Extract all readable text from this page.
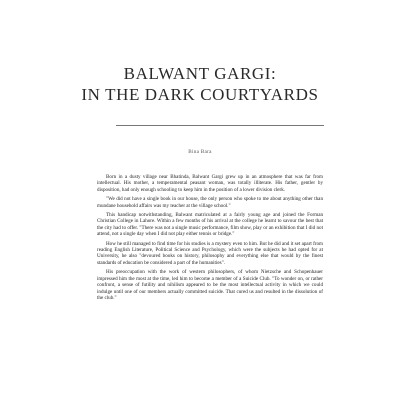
BALWANT GARGI:
IN THE DARK COURTYARDS
Bina Bara

Born in a dusty village near Bhatinda, Balwant Gargi grew up in an atmosphere that was far from intellectual. His mother, a temperamental peasant woman, was totally illiterate. His father, gentler by disposition, had only enough schooling to keep him in the position of a lower division clerk.

"We did not have a single book in our house, the only person who spoke to me about anything other than mundane household affairs was my teacher at the village school."

This handicap notwithstanding, Balwant matriculated at a fairly young age and joined the Forman Christian College in Lahore. Within a few months of his arrival at the college he learnt to savour the best that the city had to offer. "There was not a single music performance, film show, play or an exhibition that I did not attend, not a single day when I did not play either tennis or bridge."

How he still managed to find time for his studies is a mystery even to him. But he did and it set apart from reading English Literature, Political Science and Psychology, which were the subjects he had opted for at University, he also "devoured books on history, philosophy and everything else that would by the finest standards of education be considered a part of the humanities".

His preoccupation with the work of western philosophers, of whom Nietzsche and Schopenhauer impressed him the most at the time, led him to become a member of a Suicide Club. "To wonder on, or rather confront, a sense of futility and nihilism appeared to be the most intellectual activity in which we could indulge until one of our members actually committed suicide. That cured us and resulted in the dissolution of the club."
